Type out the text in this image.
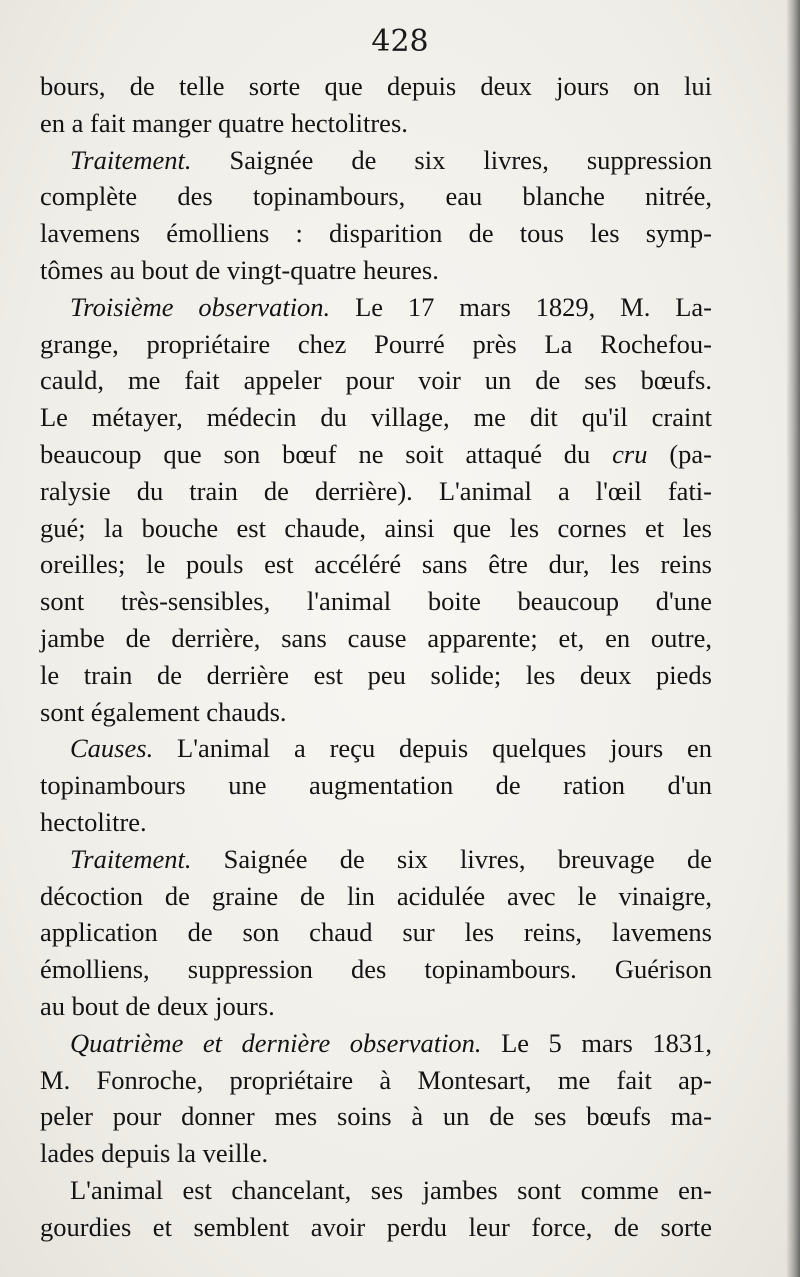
428
bours, de telle sorte que depuis deux jours on lui
en a fait manger quatre hectolitres.
Traitement. Saignée de six livres, suppression
complète des topinambours, eau blanche nitrée,
lavemens émolliens : disparition de tous les symp-
tômes au bout de vingt-quatre heures.
Troisième observation. Le 17 mars 1829, M. La-
grange, propriétaire chez Pourré près La Rochefou-
cauld, me fait appeler pour voir un de ses bœufs.
Le métayer, médecin du village, me dit qu'il craint
beaucoup que son bœuf ne soit attaqué du cru (pa-
ralysie du train de derrière). L'animal a l'œil fati-
gué; la bouche est chaude, ainsi que les cornes et les
oreilles; le pouls est accéléré sans être dur, les reins
sont très-sensibles, l'animal boite beaucoup d'une
jambe de derrière, sans cause apparente; et, en outre,
le train de derrière est peu solide; les deux pieds
sont également chauds.
Causes. L'animal a reçu depuis quelques jours en
topinambours une augmentation de ration d'un
hectolitre.
Traitement. Saignée de six livres, breuvage de
décoction de graine de lin acidulée avec le vinaigre,
application de son chaud sur les reins, lavemens
émolliens, suppression des topinambours. Guérison
au bout de deux jours.
Quatrième et dernière observation. Le 5 mars 1831,
M. Fonroche, propriétaire à Montesart, me fait ap-
peler pour donner mes soins à un de ses bœufs ma-
lades depuis la veille.
L'animal est chancelant, ses jambes sont comme en-
gourdies et semblent avoir perdu leur force, de sorte
